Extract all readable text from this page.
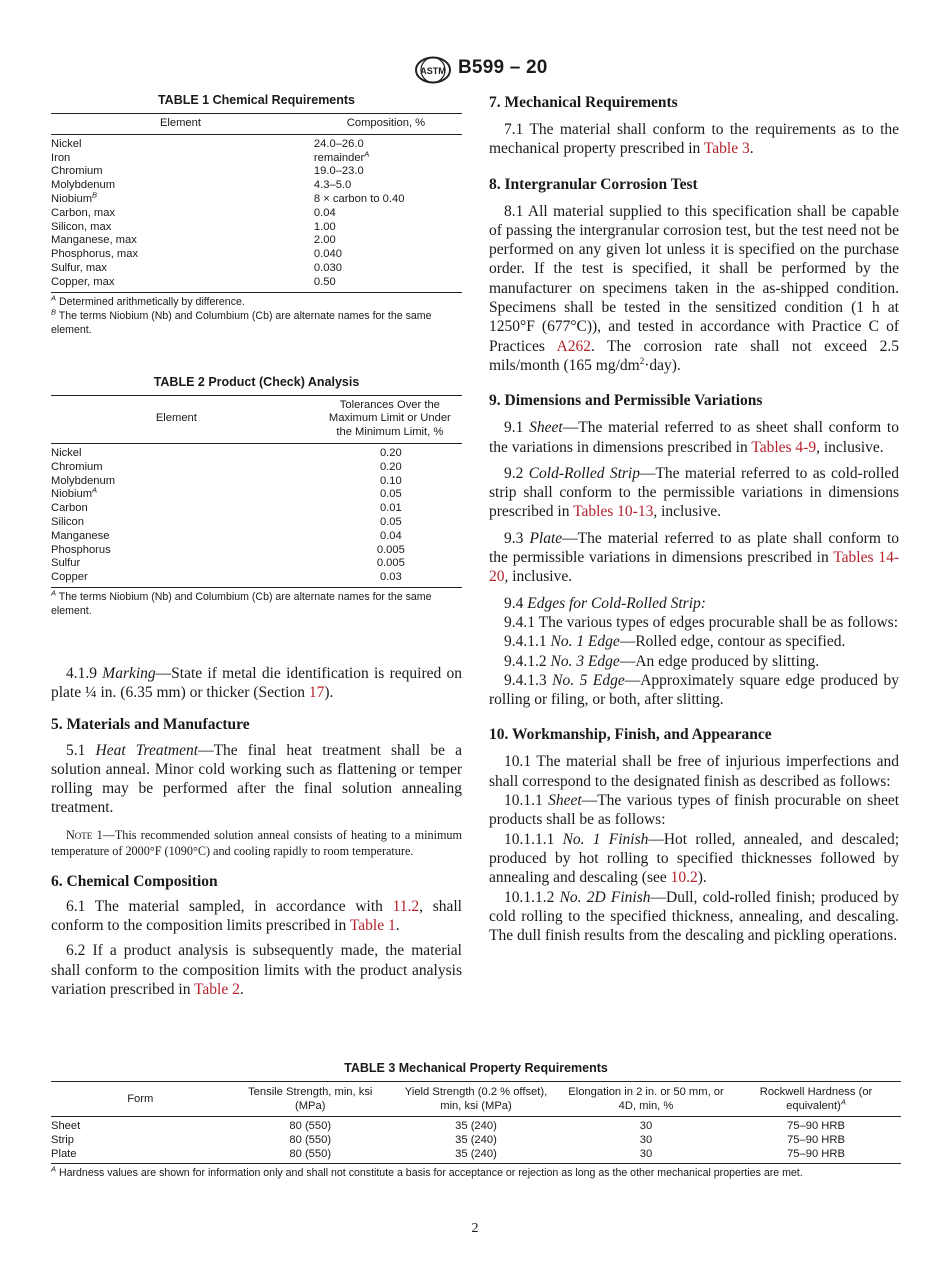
ASTM B599 – 20
TABLE 1 Chemical Requirements
Element	Composition, %
Nickel	24.0–26.0
Iron	remainder$^A$
Chromium	19.0–23.0
Molybdenum	4.3–5.0
Niobium$^B$	8 × carbon to 0.40
Carbon, max	0.04
Silicon, max	1.00
Manganese, max	2.00
Phosphorus, max	0.040
Sulfur, max	0.030
Copper, max	0.50
$^A$ Determined arithmetically by difference.
$^B$ The terms Niobium (Nb) and Columbium (Cb) are alternate names for the same element.
TABLE 2 Product (Check) Analysis
Element	Tolerances Over the Maximum Limit or Under the Minimum Limit, %
Nickel	0.20
Chromium	0.20
Molybdenum	0.10
Niobium$^A$	0.05
Carbon	0.01
Silicon	0.05
Manganese	0.04
Phosphorus	0.005
Sulfur	0.005
Copper	0.03
$^A$ The terms Niobium (Nb) and Columbium (Cb) are alternate names for the same element.

4.1.9 Marking—State if metal die identification is required on plate ¼ in. (6.35 mm) or thicker (Section 17).

5. Materials and Manufacture

5.1 Heat Treatment—The final heat treatment shall be a solution anneal. Minor cold working such as flattening or temper rolling may be performed after the final solution annealing treatment.

Note 1—This recommended solution anneal consists of heating to a minimum temperature of 2000°F (1090°C) and cooling rapidly to room temperature.

6. Chemical Composition

6.1 The material sampled, in accordance with 11.2, shall conform to the composition limits prescribed in Table 1.

6.2 If a product analysis is subsequently made, the material shall conform to the composition limits with the product analysis variation prescribed in Table 2.

7. Mechanical Requirements

7.1 The material shall conform to the requirements as to the mechanical property prescribed in Table 3.

8. Intergranular Corrosion Test

8.1 All material supplied to this specification shall be capable of passing the intergranular corrosion test, but the test need not be performed on any given lot unless it is specified on the purchase order. If the test is specified, it shall be performed by the manufacturer on specimens taken in the as-shipped condition. Specimens shall be tested in the sensitized condition (1 h at 1250°F (677°C)), and tested in accordance with Practice C of Practices A262. The corrosion rate shall not exceed 2.5 mils/month (165 $mg/dm^2\cdot day$).

9. Dimensions and Permissible Variations

9.1 Sheet—The material referred to as sheet shall conform to the variations in dimensions prescribed in Tables 4-9, inclusive.

9.2 Cold-Rolled Strip—The material referred to as cold-rolled strip shall conform to the permissible variations in dimensions prescribed in Tables 10-13, inclusive.

9.3 Plate—The material referred to as plate shall conform to the permissible variations in dimensions prescribed in Tables 14-20, inclusive.

9.4 Edges for Cold-Rolled Strip:

9.4.1 The various types of edges procurable shall be as follows:

9.4.1.1 No. 1 Edge—Rolled edge, contour as specified.

9.4.1.2 No. 3 Edge—An edge produced by slitting.

9.4.1.3 No. 5 Edge—Approximately square edge produced by rolling or filing, or both, after slitting.

10. Workmanship, Finish, and Appearance

10.1 The material shall be free of injurious imperfections and shall correspond to the designated finish as described as follows:

10.1.1 Sheet—The various types of finish procurable on sheet products shall be as follows:

10.1.1.1 No. 1 Finish—Hot rolled, annealed, and descaled; produced by hot rolling to specified thicknesses followed by annealing and descaling (see 10.2).

10.1.1.2 No. 2D Finish—Dull, cold-rolled finish; produced by cold rolling to the specified thickness, annealing, and descaling. The dull finish results from the descaling and pickling operations.

TABLE 3 Mechanical Property Requirements
Form	Tensile Strength, min, ksi (MPa)	Yield Strength (0.2 % offset), min, ksi (MPa)	Elongation in 2 in. or 50 mm, or 4D, min, %	Rockwell Hardness (or equivalent)$^A$
Sheet	80 (550)	35 (240)	30	75–90 HRB
Strip	80 (550)	35 (240)	30	75–90 HRB
Plate	80 (550)	35 (240)	30	75–90 HRB
$^A$ Hardness values are shown for information only and shall not constitute a basis for acceptance or rejection as long as the other mechanical properties are met.
2
